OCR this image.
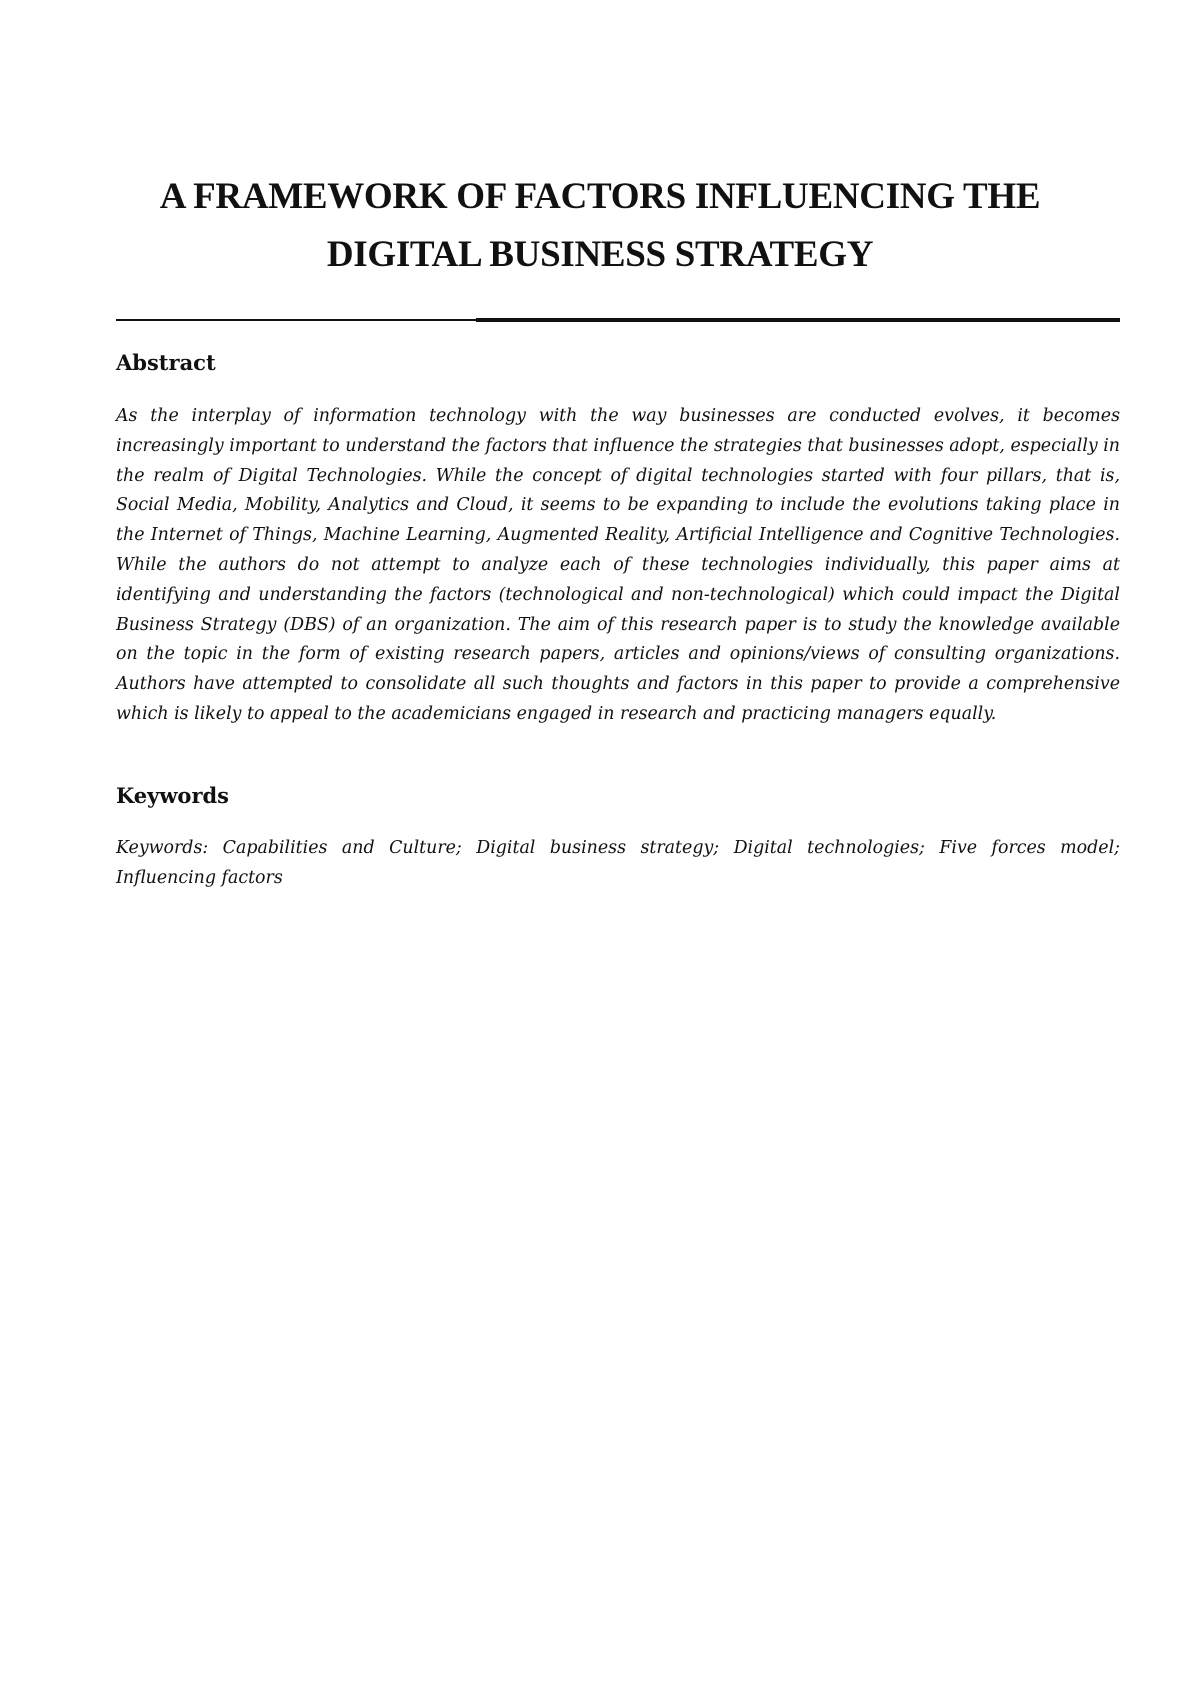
A FRAMEWORK OF FACTORS INFLUENCING THE
DIGITAL BUSINESS STRATEGY
Abstract

As the interplay of information technology with the way businesses are conducted evolves, it becomes increasingly important to understand the factors that influence the strategies that businesses adopt, especially in the realm of Digital Technologies. While the concept of digital technologies started with four pillars, that is, Social Media, Mobility, Analytics and Cloud, it seems to be expanding to include the evolutions taking place in the Internet of Things, Machine Learning, Augmented Reality, Artificial Intelligence and Cognitive Technologies. While the authors do not attempt to analyze each of these technologies individually, this paper aims at identifying and understanding the factors (technological and non-technological) which could impact the Digital Business Strategy (DBS) of an organization. The aim of this research paper is to study the knowledge available on the topic in the form of existing research papers, articles and opinions/views of consulting organizations. Authors have attempted to consolidate all such thoughts and factors in this paper to provide a comprehensive which is likely to appeal to the academicians engaged in research and practicing managers equally.

Keywords

Keywords: Capabilities and Culture; Digital business strategy; Digital technologies; Five forces model; Influencing factors
